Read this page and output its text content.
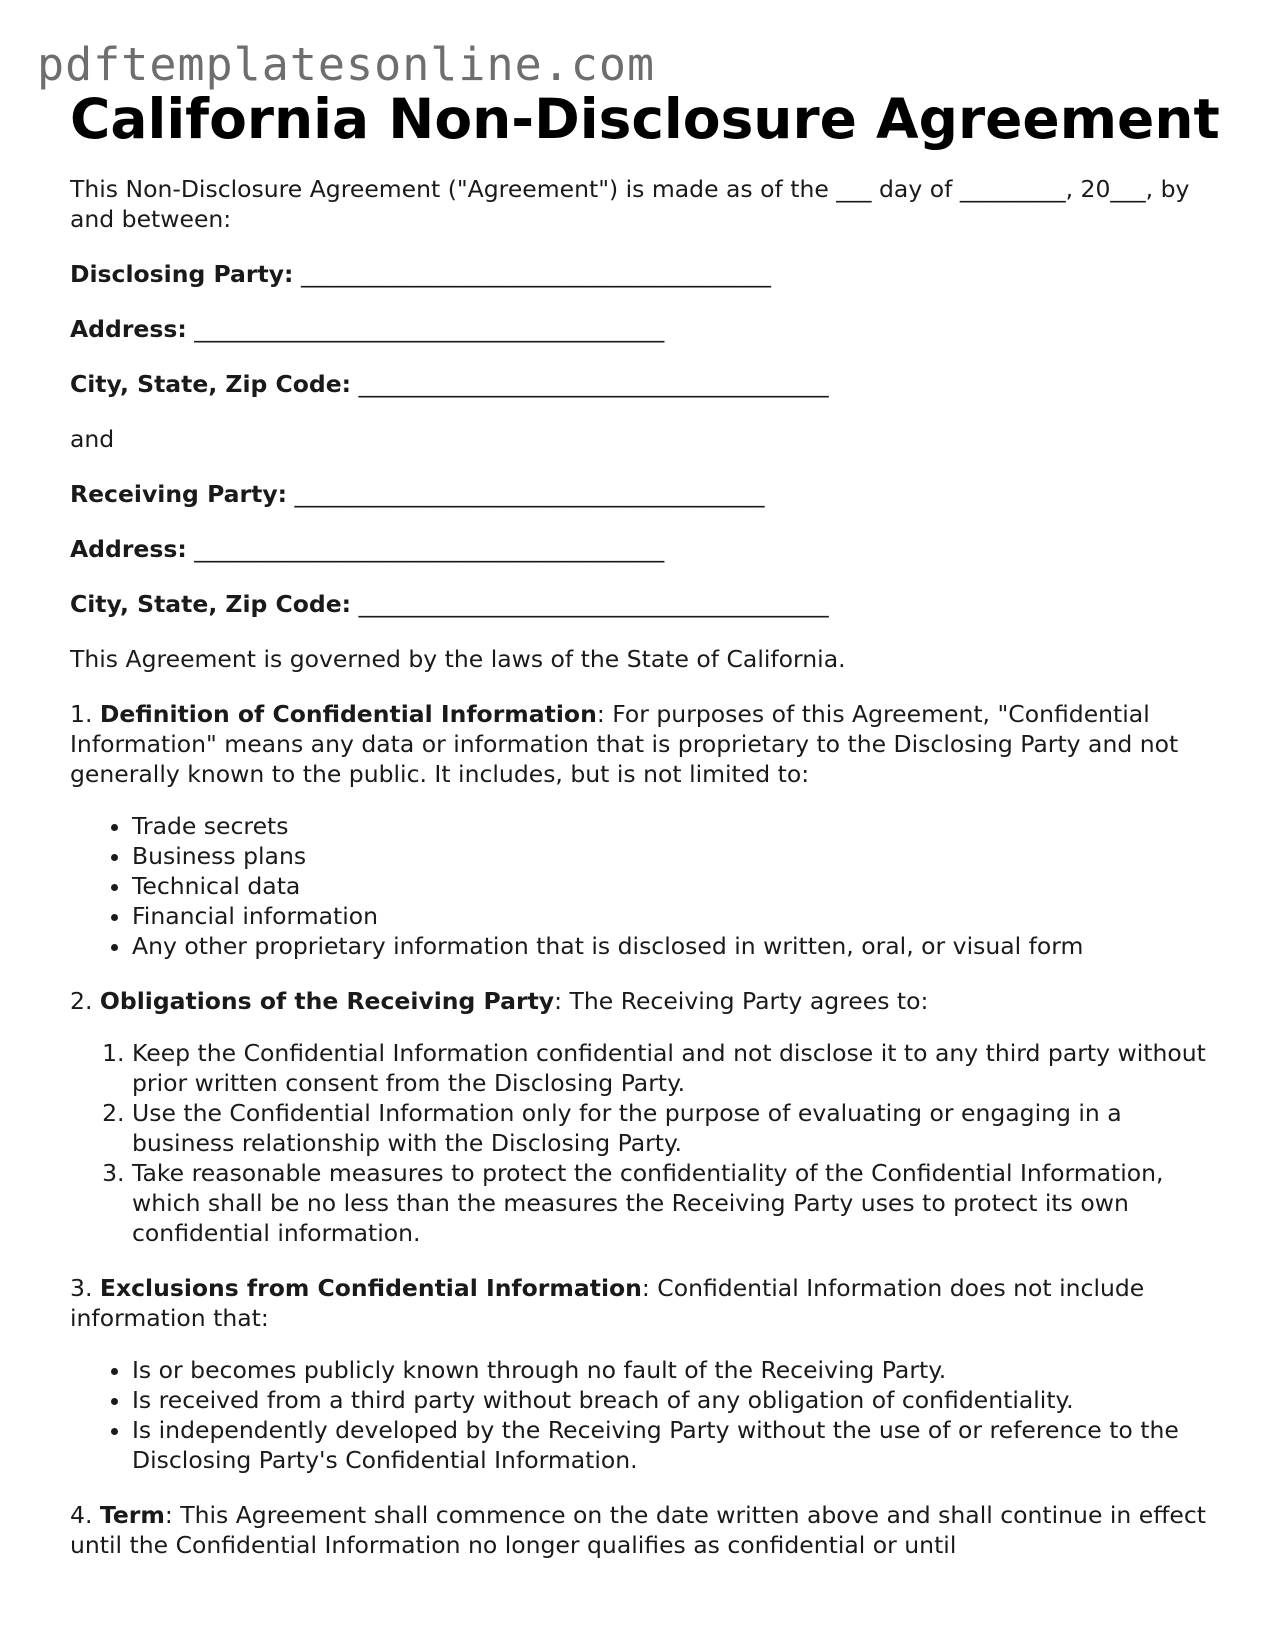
pdftemplatesonline.com
California Non-Disclosure Agreement

This Non-Disclosure Agreement ("Agreement") is made as of the ___ day of _________, 20___, by and between:

Disclosing Party: ________________________________________

Address: ________________________________________

City, State, Zip Code: ________________________________________

and

Receiving Party: ________________________________________

Address: ________________________________________

City, State, Zip Code: ________________________________________

This Agreement is governed by the laws of the State of California.

1. Definition of Confidential Information: For purposes of this Agreement, "Confidential Information" means any data or information that is proprietary to the Disclosing Party and not generally known to the public. It includes, but is not limited to:

• Trade secrets
• Business plans
• Technical data
• Financial information
• Any other proprietary information that is disclosed in written, oral, or visual form

2. Obligations of the Receiving Party: The Receiving Party agrees to:

1. Keep the Confidential Information confidential and not disclose it to any third party without prior written consent from the Disclosing Party.
2. Use the Confidential Information only for the purpose of evaluating or engaging in a business relationship with the Disclosing Party.
3. Take reasonable measures to protect the confidentiality of the Confidential Information, which shall be no less than the measures the Receiving Party uses to protect its own confidential information.

3. Exclusions from Confidential Information: Confidential Information does not include information that:

• Is or becomes publicly known through no fault of the Receiving Party.
• Is received from a third party without breach of any obligation of confidentiality.
• Is independently developed by the Receiving Party without the use of or reference to the Disclosing Party's Confidential Information.

4. Term: This Agreement shall commence on the date written above and shall continue in effect until the Confidential Information no longer qualifies as confidential or until
